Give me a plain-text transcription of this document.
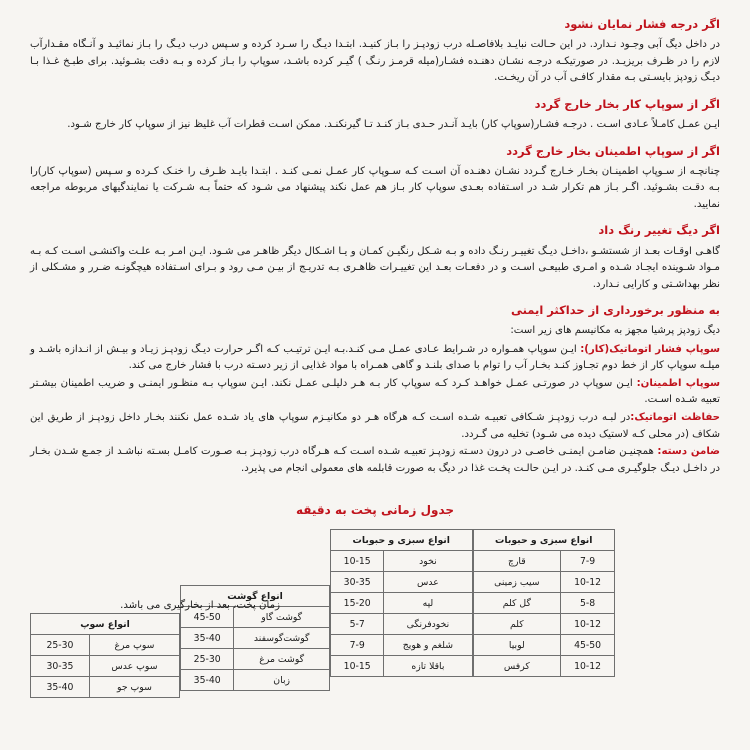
اگر درجه فشار نمایان نشود

در داخل دیگ آبی وجـود نـدارد. در این حـالت نبایـد بلافاصـله درب زودپـز را بـاز کنیـد. ابتـدا دیـگ را سـرد کرده و سـپس درب دیـگ را بـاز نمائیـد و آنـگاه مقـدارآب لازم را در ظـرف بریزیـد. در صورتیکـه درجـه نشـان دهنـده فشـار(میله قرمـز رنـگ ) گیـر کرده باشـد، سوپاپ را بـاز کرده و بـه دقت بشـوئید. برای طبـخ غـذا بـا دیـگ زودپز بایسـتی بـه مقدار کافـی آب در آن ریخـت.

اگر از سوپاپ کار بخار خارج گردد

ایـن عمـل کامـلاً عـادی اسـت . درجـه فشـار(سوپاپ کار) بایـد آنـدر حـدی بـاز کنـد تـا گیرنکنـد. ممکن اسـت قطرات آب غلیظ نیز از سوپاپ کار خارج شـود.

اگر از سوپاپ اطمینان بخار خارج گردد

چنانچـه از سـوپاپ اطمینـان بخـار خـارج گـردد نشـان دهنـده آن اسـت کـه سـوپاپ کار عمـل نمـی کنـد . ابتـدا بایـد ظـرف را خنـک کـرده و سـپس (سوپاپ کار)را بـه دقـت بشـوئید. اگـر بـاز هم تکرار شـد در اسـتفاده بعـدی سوپاپ کار بـاز هم عمل نکند پیشنهاد می شـود که حتماً بـه شـرکت یا نمایندگیهای مربوطه مراجعه نمایید.

اگر دیگ تغییر رنگ داد

گاهـی اوقـات بعـد از شستشـو ،داخـل دیـگ تغییـر رنـگ داده و بـه شـکل رنگیـن کمـان و یـا اشـکال دیگر ظاهـر می شـود. ایـن امـر بـه علـت واکنشـی اسـت کـه بـه مـواد شـوینده ایجـاد شـده و امـری طبیعـی اسـت و در دفعـات بعـد این تغییـرات ظاهـری بـه تدریـج از بیـن مـی رود و بـرای اسـتفاده هیچگونـه ضـرر و مشـکلی از نظر بهداشـتی و کارایی نـدارد.

به منظور برخورداری از حداکثر ایمنی

دیگ زودپز پرشیا مجهز به مکانیسم های زیر است:

سوپاپ فشار اتوماتیک(کار): ایـن سوپاپ همـواره در شـرایط عـادی عمـل مـی کنـد.بـه ایـن ترتیـب کـه اگـر حرارت دیـگ زودپـز زیـاد و بیـش از انـدازه باشـد و میلـه سوپاپ کار از خط دوم تجـاوز کنـد بخـار آب را توام با صدای بلنـد و گاهی همـراه با مواد غذایی از زیر دسـته درب با فشار خارج می کند.

سوپاپ اطمینان: ایـن سوپاپ در صورتـی عمـل خواهـد کـرد کـه سوپاپ کار بـه هـر دلیلـی عمـل نکند. ایـن سوپاپ بـه منظـور ایمنـی و ضریب اطمینان بیشـتر تعبیه شـده اسـت.

حفاظت اتوماتیک:در لبـه درب زودپـز شـکافی تعبیـه شـده اسـت کـه هرگاه هـر دو مکانیـزم سوپاپ های یاد شـده عمل نکنند بخـار داخل زودپـز از طریق این شکاف (در محلی کـه لاستیک دیده می شـود) تخلیه می گـردد.

ضامن دسته: همچنیـن ضامـن ایمنـی خاصـی در درون دسـته زودپـز تعبیـه شـده اسـت کـه هـرگاه درب زودپـز بـه صـورت کامـل بسـته نباشـد از جمـع شـدن بخـار در داخـل دیـگ جلوگیـری مـی کنـد. در ایـن حالـت پخـت غذا در دیگ به صورت قابلمه های معمولی انجام می پذیرد.

جدول زمانی پخت به دقیقه
انواع سبزی و حبوبات	
7-9	قارچ
10-12	سیب زمینی
5-8	گل کلم
10-12	کلم
45-50	لوبیا
10-12	کرفس
انواع سبزی و حبوبات	
نخود	10-15
عدس	30-35
لپه	15-20
نخودفرنگی	5-7
شلغم و هویج	7-9
باقلا تازه	10-15
انواع گوشت	
گوشت گاو	45-50
گوشت‌گوسفند	35-40
گوشت مرغ	25-30
زبان	35-40
انواع سوپ	
سوپ مرغ	25-30
سوپ عدس	30-35
سوپ جو	35-40
زمان پخت، بعد از بخارگیری می باشد.
